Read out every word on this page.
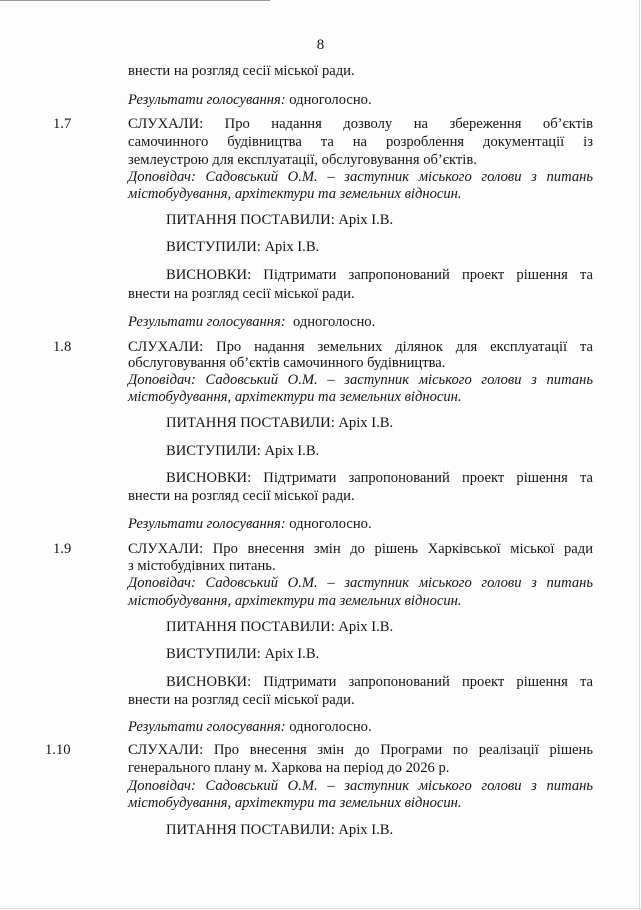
8
внести на розгляд сесії міської ради.
Результати голосування: одноголосно.
1.7	СЛУХАЛИ: Про надання дозволу на збереження об’єктів
самочинного будівництва та на розроблення документації із
землеустрою для експлуатації, обслуговування об’єктів.
Доповідач: Садовський О.М. – заступник міського голови з питань
містобудування, архітектури та земельних відносин.
ПИТАННЯ ПОСТАВИЛИ: Аріх І.В.
ВИСТУПИЛИ: Аріх І.В.
ВИСНОВКИ: Підтримати запропонований проект рішення та
внести на розгляд сесії міської ради.
Результати голосування: одноголосно.
1.8	СЛУХАЛИ: Про надання земельних ділянок для експлуатації та
обслуговування об’єктів самочинного будівництва.
Доповідач: Садовський О.М. – заступник міського голови з питань
містобудування, архітектури та земельних відносин.
ПИТАННЯ ПОСТАВИЛИ: Аріх І.В.
ВИСТУПИЛИ: Аріх І.В.
ВИСНОВКИ: Підтримати запропонований проект рішення та
внести на розгляд сесії міської ради.
Результати голосування: одноголосно.
1.9	СЛУХАЛИ: Про внесення змін до рішень Харківської міської ради
з містобудівних питань.
Доповідач: Садовський О.М. – заступник міського голови з питань
містобудування, архітектури та земельних відносин.
ПИТАННЯ ПОСТАВИЛИ: Аріх І.В.
ВИСТУПИЛИ: Аріх І.В.
ВИСНОВКИ: Підтримати запропонований проект рішення та
внести на розгляд сесії міської ради.
Результати голосування: одноголосно.
1.10	СЛУХАЛИ: Про внесення змін до Програми по реалізації рішень
генерального плану м. Харкова на період до 2026 р.
Доповідач: Садовський О.М. – заступник міського голови з питань
містобудування, архітектури та земельних відносин.
ПИТАННЯ ПОСТАВИЛИ: Аріх І.В.
